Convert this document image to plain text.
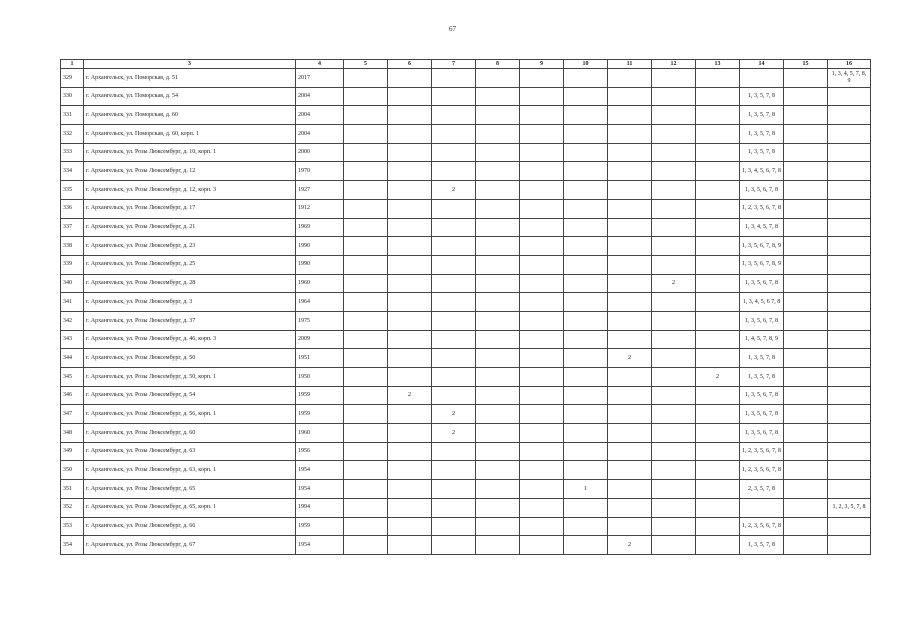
67
1	3	4	5	6	7	8	9	10	11	12	13	14	15	16
329	г. Архангельск, ул. Поморская, д. 51	2017												1, 3, 4, 5, 7, 8, 9
330	г. Архангельск, ул. Поморская, д. 54	2004										1, 3, 5, 7, 8		
331	г. Архангельск, ул. Поморская, д. 60	2004										1, 3, 5, 7, 8		
332	г. Архангельск, ул. Поморская, д. 60, корп. 1	2004										1, 3, 5, 7, 8		
333	г. Архангельск, ул. Розы Люксембург, д. 10, корп. 1	2000										1, 3, 5, 7, 8		
334	г. Архангельск, ул. Розы Люксембург, д. 12	1970										1, 3, 4, 5, 6, 7, 8		
335	г. Архангельск, ул. Розы Люксембург, д. 12, корп. 3	1927			2							1, 3, 5, 6, 7, 8		
336	г. Архангельск, ул. Розы Люксембург, д. 17	1912										1, 2, 3, 5, 6, 7, 8		
337	г. Архангельск, ул. Розы Люксембург, д. 21	1969										1, 3, 4, 5, 7, 8		
338	г. Архангельск, ул. Розы Люксембург, д. 23	1990										1, 3, 5, 6, 7, 8, 9		
339	г. Архангельск, ул. Розы Люксембург, д. 25	1990										1, 3, 5, 6, 7, 8, 9		
340	г. Архангельск, ул. Розы Люксембург, д. 28	1960								2		1, 3, 5, 6, 7, 8		
341	г. Архангельск, ул. Розы Люксембург, д. 3	1964										1, 3, 4, 5, 6 7, 8		
342	г. Архангельск, ул. Розы Люксембург, д. 37	1975										1, 3, 5, 6, 7, 8		
343	г. Архангельск, ул. Розы Люксембург, д. 46, корп. 3	2009										1, 4, 5, 7, 8, 9		
344	г. Архангельск, ул. Розы Люксембург, д. 50	1951							2			1, 3, 5, 7, 8		
345	г. Архангельск, ул. Розы Люксембург, д. 50, корп. 1	1950									2	1, 3, 5, 7, 8		
346	г. Архангельск, ул. Розы Люксембург, д. 54	1959		2								1, 3, 5, 6, 7, 8		
347	г. Архангельск, ул. Розы Люксембург, д. 56, корп. 1	1959			2							1, 3, 5, 6, 7, 8		
348	г. Архангельск, ул. Розы Люксембург, д. 60	1960			2							1, 3, 5, 6, 7, 8		
349	г. Архангельск, ул. Розы Люксембург, д. 63	1956										1, 2, 3, 5, 6, 7, 8		
350	г. Архангельск, ул. Розы Люксембург, д. 63, корп. 1	1954										1, 2, 3, 5, 6, 7, 8		
351	г. Архангельск, ул. Розы Люксембург, д. 65	1954						1				2, 3, 5, 7, 8		
352	г. Архангельск, ул. Розы Люксембург, д. 65, корп. 1	1994												1, 2, 3, 5, 7, 8
353	г. Архангельск, ул. Розы Люксембург, д. 66	1959										1, 2, 3, 5, 6, 7, 8		
354	г. Архангельск, ул. Розы Люксембург, д. 67	1954							2			1, 3, 5, 7, 8		
